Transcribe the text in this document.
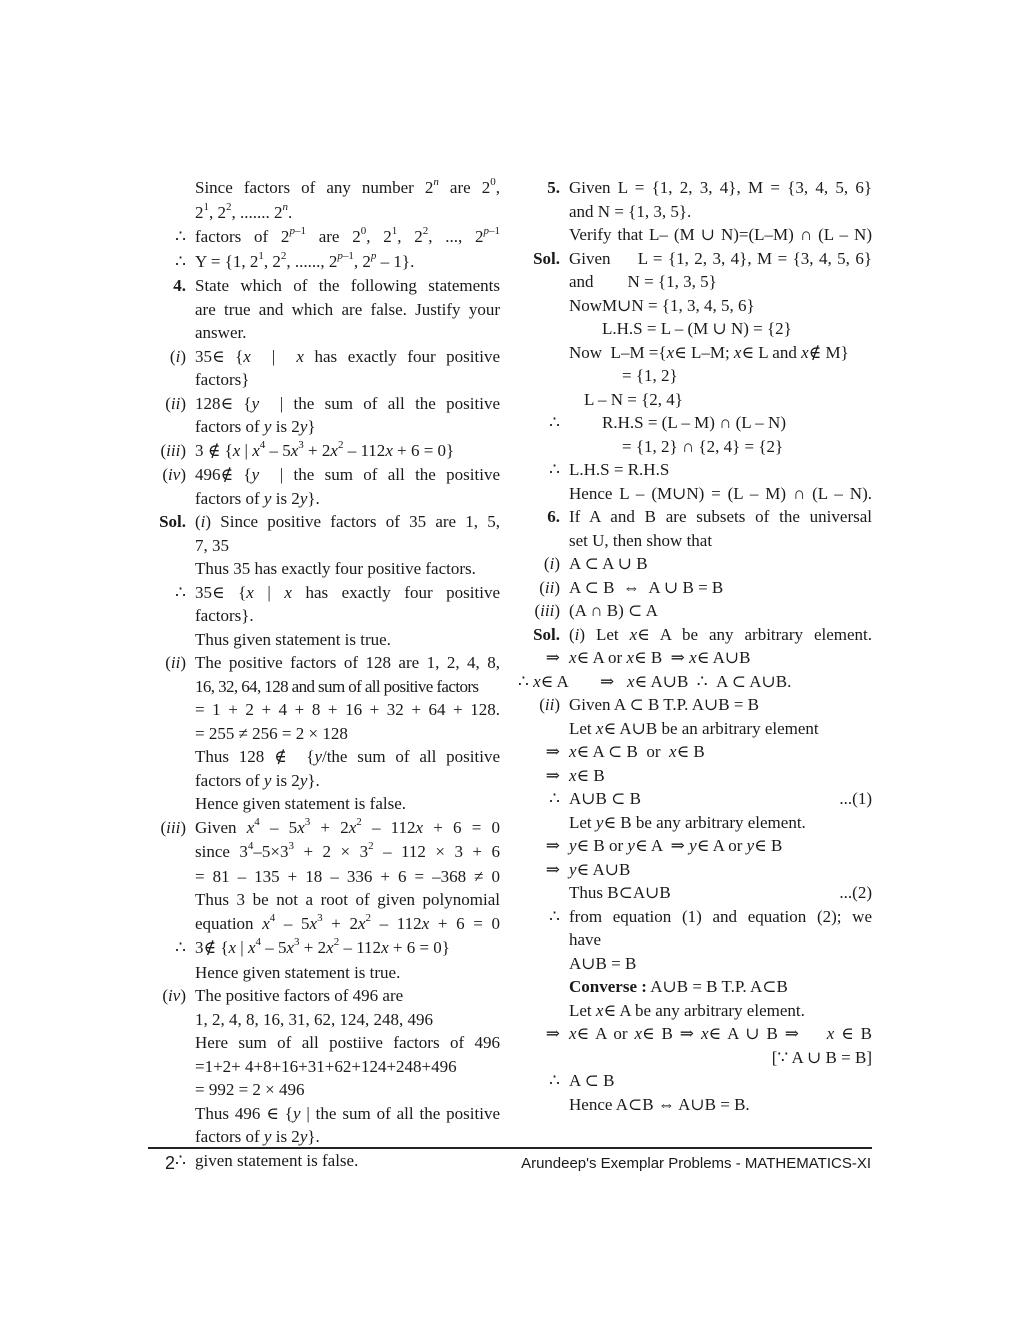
Since factors of any number 2$^n$ are $2^0$,
$2^1$, $2^2$, ....... 2$^n$.
∴ factors of 2$^{p-1}$ are $2^0$, $2^1$, $2^2$, ..., 2$^{p-1}$
∴ Y = {1, $2^1$, $2^2$, ......, 2$^{p-1}$, 2$^p$ – 1}.
4. State which of the following statements
are true and which are false. Justify your
answer.
(i) 35∈ {x  |  x has exactly four positive
factors}
(ii) 128∈ {y  | the sum of all the positive
factors of y is 2y}
(iii) 3 ∉ {x | $x^4 - 5x^3 + 2x^2 - 112x + 6 = 0$}
(iv) 496∉ {y  | the sum of all the positive
factors of y is 2y}.
Sol. (i) Since positive factors of 35 are 1, 5,
7, 35
Thus 35 has exactly four positive factors.
∴ 35∈ {x | x has exactly four positive
factors}.
Thus given statement is true.
(ii) The positive factors of 128 are 1, 2, 4, 8,
16, 32, 64, 128 and sum of all positive factors
= 1 + 2 + 4 + 8 + 16 + 32 + 64 + 128.
= 255 ≠ 256 = 2 × 128
Thus 128 ∉  {y/the sum of all positive
factors of y is 2y}.
Hence given statement is false.
(iii) Given $x^4 - 5x^3 + 2x^2 - 112x + 6 = 0$
since $3^4-5\times 3^3 + 2 \times 3^2 - 112 \times 3 + 6$
= 81 – 135 + 18 – 336 + 6 = –368 ≠ 0
Thus 3 be not a root of given polynomial
equation $x^4 - 5x^3 + 2x^2 - 112x + 6 = 0$
∴ 3∉ {x | $x^4 - 5x^3 + 2x^2 - 112x + 6 = 0$}
Hence given statement is true.
(iv) The positive factors of 496 are
1, 2, 4, 8, 16, 31, 62, 124, 248, 496
Here sum of all postiive factors of 496
=1+2+ 4+8+16+31+62+124+248+496
= 992 = 2 × 496
Thus 496 ∈ {y | the sum of all the positive
factors of y is 2y}.
∴ given statement is false.
5. Given L = {1, 2, 3, 4}, M = {3, 4, 5, 6}
and N = {1, 3, 5}.
Verify that L– (M ∪ N)=(L–M) ∩ (L – N)
Sol. Given     L = {1, 2, 3, 4}, M = {3, 4, 5, 6}
and        N = {1, 3, 5}
NowM∪N = {1, 3, 4, 5, 6}
L.H.S = L – (M ∪ N) = {2}
Now  L–M ={x∈ L–M; x∈ L and x∉ M}
= {1, 2}
L – N = {2, 4}
∴	R.H.S = (L – M) ∩ (L – N)
= {1, 2} ∩ {2, 4} = {2}
∴ L.H.S = R.H.S
Hence L – (M∪N) = (L – M) ∩ (L – N).
6. If A and B are subsets of the universal
set U, then show that
(i) A ⊂ A ∪ B
(ii) A ⊂ B  ⇔  A ∪ B = B
(iii) (A ∩ B) ⊂ A
Sol. (i) Let x∈ A be any arbitrary element.
⇒ x∈ A or x∈ B  ⇒ x∈ A∪B
∴ x∈ A	⇒   x∈ A∪B  ∴  A ⊂ A∪B.
(ii) Given A ⊂ B T.P. A∪B = B
Let x∈ A∪B be an arbitrary element
⇒ x∈ A ⊂ B  or  x∈ B
⇒ x∈ B
∴ A∪B ⊂ B	...(1)
Let y∈ B be any arbitrary element.
⇒ y∈ B or y∈ A  ⇒ y∈ A or y∈ B
⇒ y∈ A∪B
Thus B⊂A∪B	...(2)
∴ from equation (1) and equation (2); we
have
A∪B = B
Converse : A∪B = B T.P. A⊂B
Let x∈ A be any arbitrary element.
⇒ x∈ A or x∈ B ⇒ x∈ A ∪ B ⇒    x ∈ B
[∵ A ∪ B = B]
∴ A ⊂ B
Hence A⊂B ⇔ A∪B = B.
2	Arundeep's Exemplar Problems - MATHEMATICS-XI
